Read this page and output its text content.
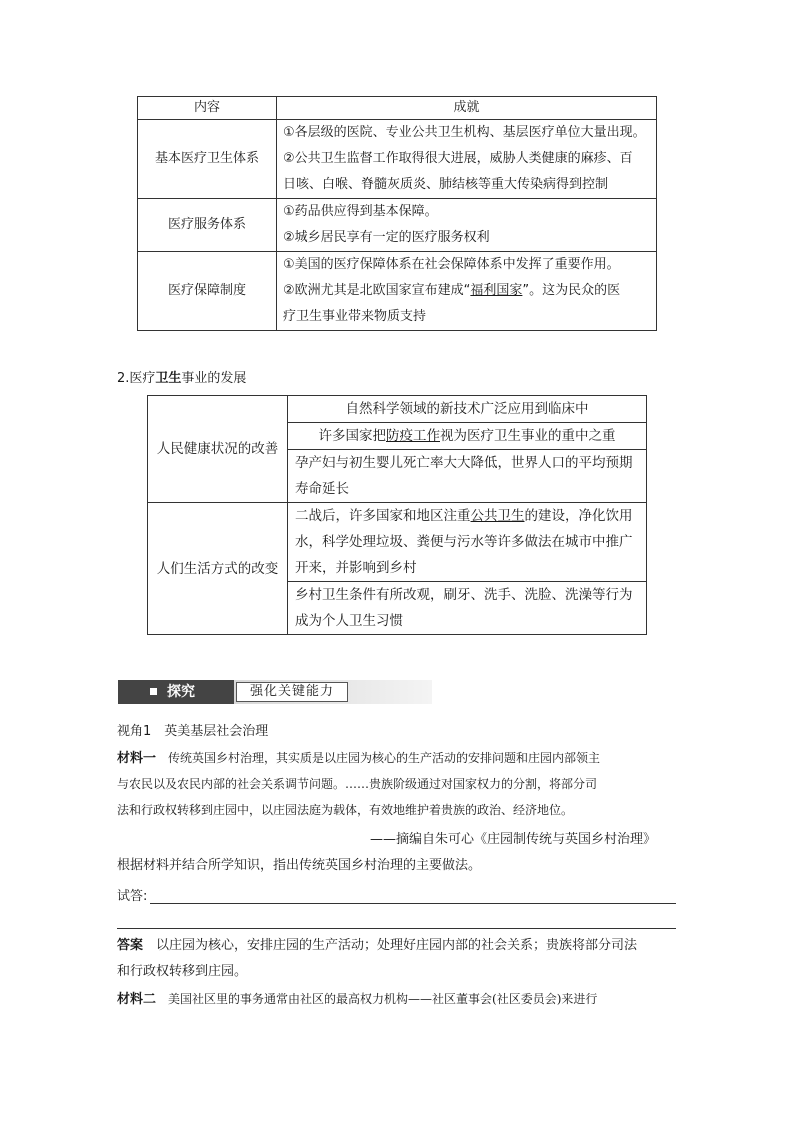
内容	成就
基本医疗卫生体系	①各层级的医院、专业公共卫生机构、基层医疗单位大量出现。

②公共卫生监督工作取得很大进展，威胁人类健康的麻疹、百

日咳、白喉、脊髓灰质炎、肺结核等重大传染病得到控制

医疗服务体系	①药品供应得到基本保障。

②城乡居民享有一定的医疗服务权利

医疗保障制度	①美国的医疗保障体系在社会保障体系中发挥了重要作用。

②欧洲尤其是北欧国家宣布建成“福利国家”。这为民众的医

疗卫生事业带来物质支持

2.医疗卫生事业的发展
人民健康状况的改善	自然科学领域的新技术广泛应用到临床中
	许多国家把防疫工作视为医疗卫生事业的重中之重

	孕产妇与初生婴儿死亡率大大降低，世界人口的平均预期
寿命延长

人们生活方式的改变	二战后，许多国家和地区注重公共卫生的建设，净化饮用
水，科学处理垃圾、粪便与污水等许多做法在城市中推广
开来，并影响到乡村

	乡村卫生条件有所改观，刷牙、洗手、洗脸、洗澡等行为
成为个人卫生习惯
探究	强化关键能力
视角1　英美基层社会治理
材料一　传统英国乡村治理，其实质是以庄园为核心的生产活动的安排问题和庄园内部领主
与农民以及农民内部的社会关系调节问题。……贵族阶级通过对国家权力的分割，将部分司
法和行政权转移到庄园中，以庄园法庭为载体，有效地维护着贵族的政治、经济地位。
——摘编自朱可心《庄园制传统与英国乡村治理》
根据材料并结合所学知识，指出传统英国乡村治理的主要做法。
试答:
答案　以庄园为核心，安排庄园的生产活动；处理好庄园内部的社会关系；贵族将部分司法
和行政权转移到庄园。
材料二　美国社区里的事务通常由社区的最高权力机构——社区董事会(社区委员会)来进行
